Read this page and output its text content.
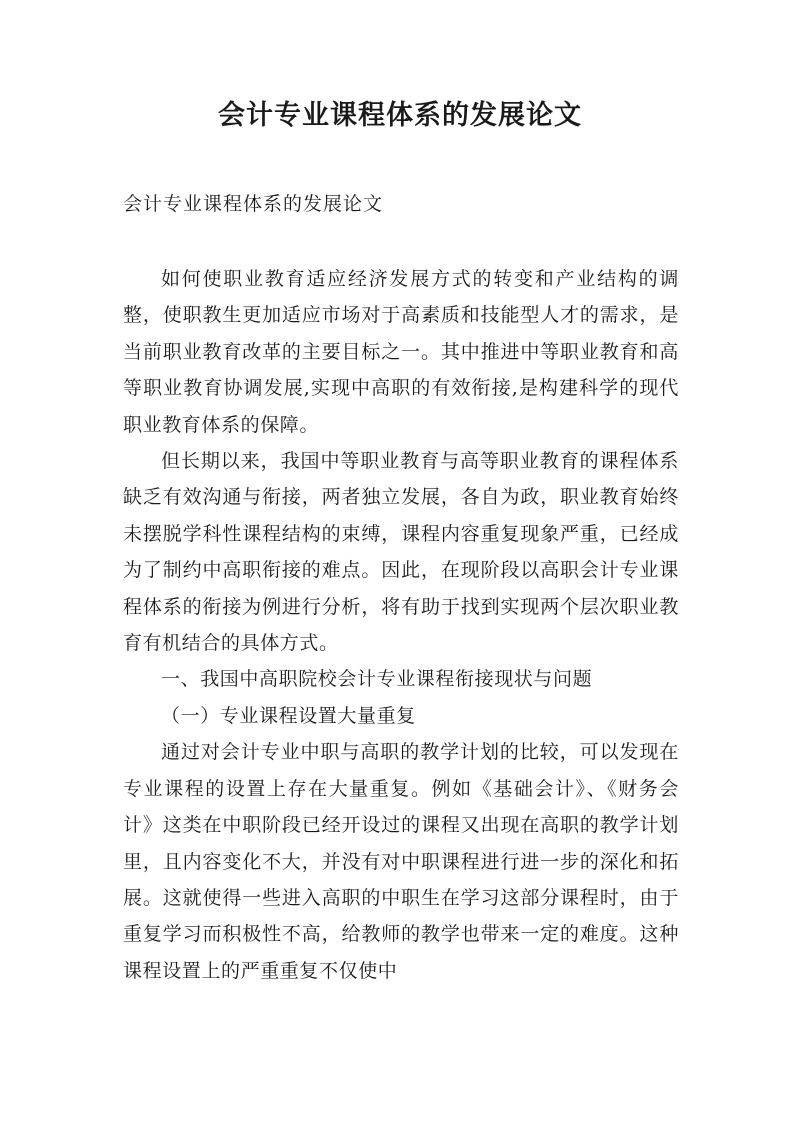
会计专业课程体系的发展论文
会计专业课程体系的发展论文

如何使职业教育适应经济发展方式的转变和产业结构的调整，使职教生更加适应市场对于高素质和技能型人才的需求，是当前职业教育改革的主要目标之一。其中推进中等职业教育和高等职业教育协调发展,实现中高职的有效衔接,是构建科学的现代职业教育体系的保障。

但长期以来，我国中等职业教育与高等职业教育的课程体系缺乏有效沟通与衔接，两者独立发展，各自为政，职业教育始终未摆脱学科性课程结构的束缚，课程内容重复现象严重，已经成为了制约中高职衔接的难点。因此，在现阶段以高职会计专业课程体系的衔接为例进行分析，将有助于找到实现两个层次职业教育有机结合的具体方式。

一、我国中高职院校会计专业课程衔接现状与问题

（一）专业课程设置大量重复

通过对会计专业中职与高职的教学计划的比较，可以发现在专业课程的设置上存在大量重复。例如《基础会计》、《财务会计》这类在中职阶段已经开设过的课程又出现在高职的教学计划里，且内容变化不大，并没有对中职课程进行进一步的深化和拓展。这就使得一些进入高职的中职生在学习这部分课程时，由于重复学习而积极性不高，给教师的教学也带来一定的难度。这种课程设置上的严重重复不仅使中
